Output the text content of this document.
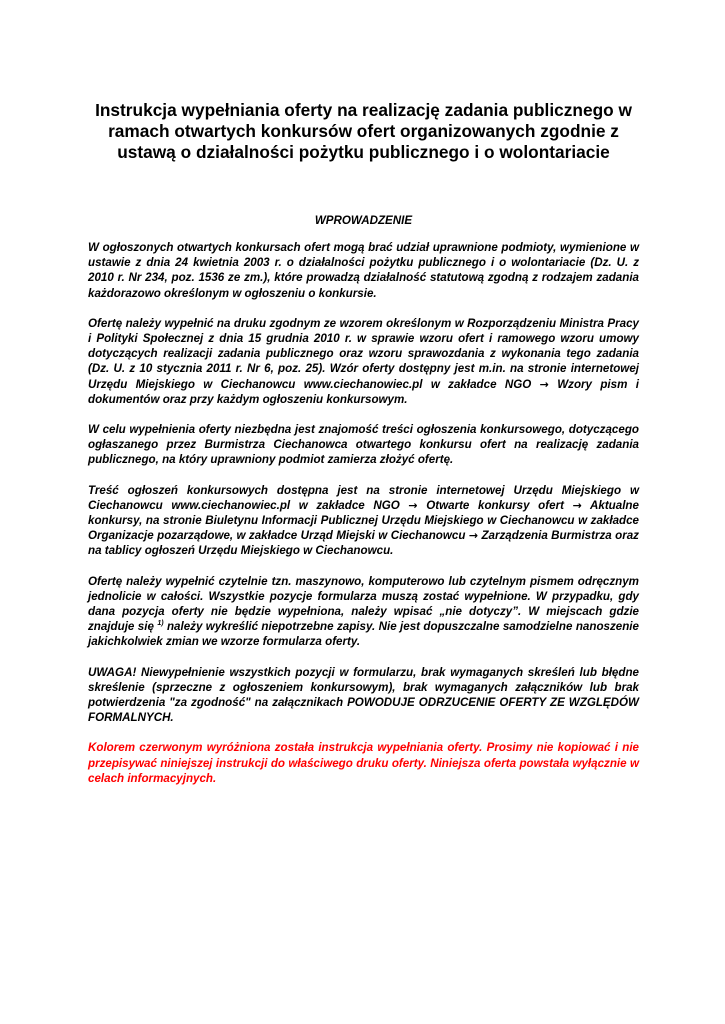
Instrukcja wypełniania oferty na realizację zadania publicznego w
ramach otwartych konkursów ofert organizowanych zgodnie z
ustawą o działalności pożytku publicznego i o wolontariacie
WPROWADZENIE

W ogłoszonych otwartych konkursach ofert mogą brać udział uprawnione podmioty, wymienione w ustawie z dnia 24 kwietnia 2003 r. o działalności pożytku publicznego i o wolontariacie (Dz. U. z 2010 r. Nr 234, poz. 1536 ze zm.), które prowadzą działalność statutową zgodną z rodzajem zadania każdorazowo określonym w ogłoszeniu o konkursie.

Ofertę należy wypełnić na druku zgodnym ze wzorem określonym w Rozporządzeniu Ministra Pracy i Polityki Społecznej z dnia 15 grudnia 2010 r. w sprawie wzoru ofert i ramowego wzoru umowy dotyczących realizacji zadania publicznego oraz wzoru sprawozdania z wykonania tego zadania (Dz. U. z 10 stycznia 2011 r. Nr 6, poz. 25). Wzór oferty dostępny jest m.in. na stronie internetowej Urzędu Miejskiego w Ciechanowcu www.ciechanowiec.pl w zakładce NGO → Wzory pism i dokumentów oraz przy każdym ogłoszeniu konkursowym.

W celu wypełnienia oferty niezbędna jest znajomość treści ogłoszenia konkursowego, dotyczącego ogłaszanego przez Burmistrza Ciechanowca otwartego konkursu ofert na realizację zadania publicznego, na który uprawniony podmiot zamierza złożyć ofertę.

Treść ogłoszeń konkursowych dostępna jest na stronie internetowej Urzędu Miejskiego w Ciechanowcu www.ciechanowiec.pl w zakładce NGO → Otwarte konkursy ofert → Aktualne konkursy, na stronie Biuletynu Informacji Publicznej Urzędu Miejskiego w Ciechanowcu w zakładce Organizacje pozarządowe, w zakładce Urząd Miejski w Ciechanowcu → Zarządzenia Burmistrza oraz na tablicy ogłoszeń Urzędu Miejskiego w Ciechanowcu.

Ofertę należy wypełnić czytelnie tzn. maszynowo, komputerowo lub czytelnym pismem odręcznym jednolicie w całości. Wszystkie pozycje formularza muszą zostać wypełnione. W przypadku, gdy dana pozycja oferty nie będzie wypełniona, należy wpisać „nie dotyczy”. W miejscach gdzie znajduje się $^{1)}$ należy wykreślić niepotrzebne zapisy. Nie jest dopuszczalne samodzielne nanoszenie jakichkolwiek zmian we wzorze formularza oferty.

UWAGA! Niewypełnienie wszystkich pozycji w formularzu, brak wymaganych skreśleń lub błędne skreślenie (sprzeczne z ogłoszeniem konkursowym), brak wymaganych załączników lub brak potwierdzenia "za zgodność" na załącznikach POWODUJE ODRZUCENIE OFERTY ZE WZGLĘDÓW FORMALNYCH.

Kolorem czerwonym wyróżniona została instrukcja wypełniania oferty. Prosimy nie kopiować i nie przepisywać niniejszej instrukcji do właściwego druku oferty. Niniejsza oferta powstała wyłącznie w celach informacyjnych.
